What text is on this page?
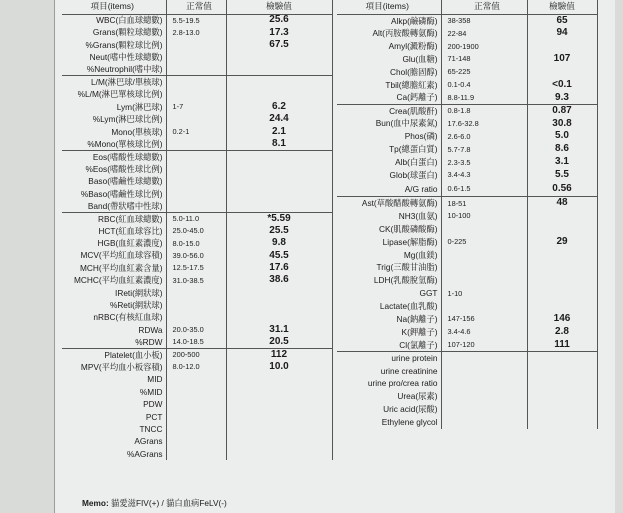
項目(items)	正常值	檢驗值
WBC(白血球總數)	5.5-19.5	25.6
Grans(顆粒球總數)	2.8-13.0	17.3
%Grans(顆粒球比例)		67.5
Neut(嗜中性球總數)		
%Neutrophil(嗜中球)		
L/M(淋巴球/單核球)		
%L/M(淋巴單核球比例)		
Lym(淋巴球)	1-7	6.2
%Lym(淋巴球比例)		24.4
Mono(單核球)	0.2-1	2.1
%Mono(單核球比例)		8.1
Eos(嗜酸性球總數)		
%Eos(嗜酸性球比例)		
Baso(嗜鹼性球總數)		
%Baso(嗜鹼性球比例)		
Band(帶狀嗜中性球)		
RBC(紅血球總數)	5.0-11.0	*5.59
HCT(紅血球容比)	25.0-45.0	25.5
HGB(血紅素濃度)	8.0-15.0	9.8
MCV(平均紅血球容積)	39.0-56.0	45.5
MCH(平均血紅素含量)	12.5-17.5	17.6
MCHC(平均血紅素濃度)	31.0-38.5	38.6
IReti(網狀球)		
%Reti(網狀球)		
nRBC(有核紅血球)		
RDWa	20.0-35.0	31.1
%RDW	14.0-18.5	20.5
Platelet(血小板)	200-500	112
MPV(平均血小板容積)	8.0-12.0	10.0
MID		
%MID		
PDW		
PCT		
TNCC		
AGrans		
%AGrans		
項目(items)	正常值	檢驗值
Alkp(鹼磷酶)	38-358	65
Alt(丙胺酸轉氨酶)	22-84	94
Amyl(澱粉酶)	200-1900	
Glu(血糖)	71-148	107
Chol(膽固醇)	65-225	
Tbil(總膽紅素)	0.1-0.4	<0.1
Ca(鈣離子)	8.8-11.9	9.3
Crea(肌酸酐)	0.8-1.8	0.87
Bun(血中尿素氮)	17.6-32.8	30.8
Phos(磷)	2.6-6.0	5.0
Tp(總蛋白質)	5.7-7.8	8.6
Alb(白蛋白)	2.3-3.5	3.1
Glob(球蛋白)	3.4-4.3	5.5
A/G ratio	0.6-1.5	0.56
Ast(草酸醋酸轉氨酶)	18-51	48
NH3(血氨)	10-100	
CK(肌酸磷酸酶)		
Lipase(解脂酶)	0-225	29
Mg(血鎂)		
Trig(三酸甘油脂)		
LDH(乳酸脫氫酶)		
GGT	1-10	
Lactate(血乳酸)		
Na(鈉離子)	147-156	146
K(鉀離子)	3.4-4.6	2.8
Cl(氯離子)	107-120	111
urine protein		
urine creatinine		
urine pro/crea ratio		
Urea(尿素)		
Uric acid(尿酸)		
Ethylene glycol		
Memo: 貓愛滋FIV(+) / 貓白血病FeLV(-)
